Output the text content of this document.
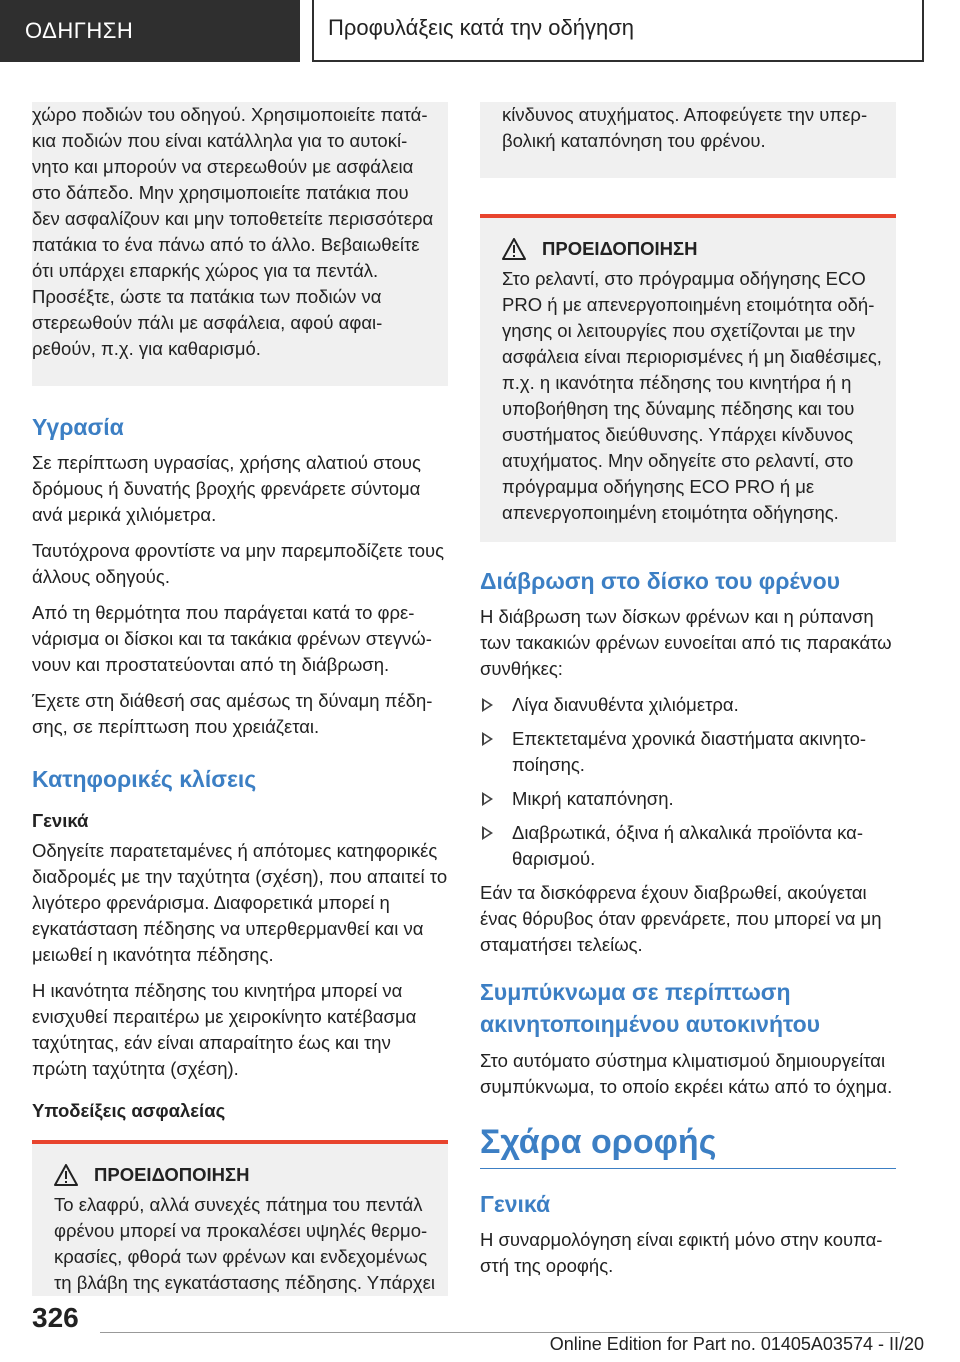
ΟΔΗΓΗΣΗ	Προφυλάξεις κατά την οδήγηση

χώρο ποδιών του οδηγού. Χρησιμοποιείτε πατάκια ποδιών που είναι κατάλληλα για το αυτοκίνητο και μπορούν να στερεωθούν με ασφάλεια στο δάπεδο. Μην χρησιμοποιείτε πατάκια που δεν ασφαλίζουν και μην τοποθετείτε περισσότερα πατάκια το ένα πάνω από το άλλο. Βεβαιωθείτε ότι υπάρχει επαρκής χώρος για τα πεντάλ. Προσέξτε, ώστε τα πατάκια των ποδιών να στερεωθούν πάλι με ασφάλεια, αφού αφαιρεθούν, π.χ. για καθαρισμό.

Υγρασία

Σε περίπτωση υγρασίας, χρήσης αλατιού στους δρόμους ή δυνατής βροχής φρενάρετε σύντομα ανά μερικά χιλιόμετρα.

Ταυτόχρονα φροντίστε να μην παρεμποδίζετε τους άλλους οδηγούς.

Από τη θερμότητα που παράγεται κατά το φρενάρισμα οι δίσκοι και τα τακάκια φρένων στεγνώνουν και προστατεύονται από τη διάβρωση.

Έχετε στη διάθεσή σας αμέσως τη δύναμη πέδησης, σε περίπτωση που χρειάζεται.

Κατηφορικές κλίσεις
Γενικά

Οδηγείτε παρατεταμένες ή απότομες κατηφορικές διαδρομές με την ταχύτητα (σχέση), που απαιτεί το λιγότερο φρενάρισμα. Διαφορετικά μπορεί η εγκατάσταση πέδησης να υπερθερμανθεί και να μειωθεί η ικανότητα πέδησης.

Η ικανότητα πέδησης του κινητήρα μπορεί να ενισχυθεί περαιτέρω με χειροκίνητο κατέβασμα ταχύτητας, εάν είναι απαραίτητο έως και την πρώτη ταχύτητα (σχέση).

Υποδείξεις ασφαλείας
ΠΡΟΕΙΔΟΠΟΙΗΣΗ

Το ελαφρύ, αλλά συνεχές πάτημα του πεντάλ φρένου μπορεί να προκαλέσει υψηλές θερμοκρασίες, φθορά των φρένων και ενδεχομένως τη βλάβη της εγκατάστασης πέδησης. Υπάρχει

κίνδυνος ατυχήματος. Αποφεύγετε την υπερβολική καταπόνηση του φρένου.

ΠΡΟΕΙΔΟΠΟΙΗΣΗ

Στο ρελαντί, στο πρόγραμμα οδήγησης ECO PRO ή με απενεργοποιημένη ετοιμότητα οδήγησης οι λειτουργίες που σχετίζονται με την ασφάλεια είναι περιορισμένες ή μη διαθέσιμες, π.χ. η ικανότητα πέδησης του κινητήρα ή η υποβοήθηση της δύναμης πέδησης και του συστήματος διεύθυνσης. Υπάρχει κίνδυνος ατυχήματος. Μην οδηγείτε στο ρελαντί, στο πρόγραμμα οδήγησης ECO PRO ή με απενεργοποιημένη ετοιμότητα οδήγησης.

Διάβρωση στο δίσκο του φρένου

Η διάβρωση των δίσκων φρένων και η ρύπανση των τακακιών φρένων ευνοείται από τις παρακάτω συνθήκες:

Λίγα διανυθέντα χιλιόμετρα.
Επεκτεταμένα χρονικά διαστήματα ακινητοποίησης.
Μικρή καταπόνηση.
Διαβρωτικά, όξινα ή αλκαλικά προϊόντα καθαρισμού.

Εάν τα δισκόφρενα έχουν διαβρωθεί, ακούγεται ένας θόρυβος όταν φρενάρετε, που μπορεί να μη σταματήσει τελείως.

Συμπύκνωμα σε περίπτωση ακινητοποιημένου αυτοκινήτου

Στο αυτόματο σύστημα κλιματισμού δημιουργείται συμπύκνωμα, το οποίο εκρέει κάτω από το όχημα.

Σχάρα οροφής
Γενικά

Η συναρμολόγηση είναι εφικτή μόνο στην κουπαστή της οροφής.

326
Online Edition for Part no. 01405A03574 - II/20
